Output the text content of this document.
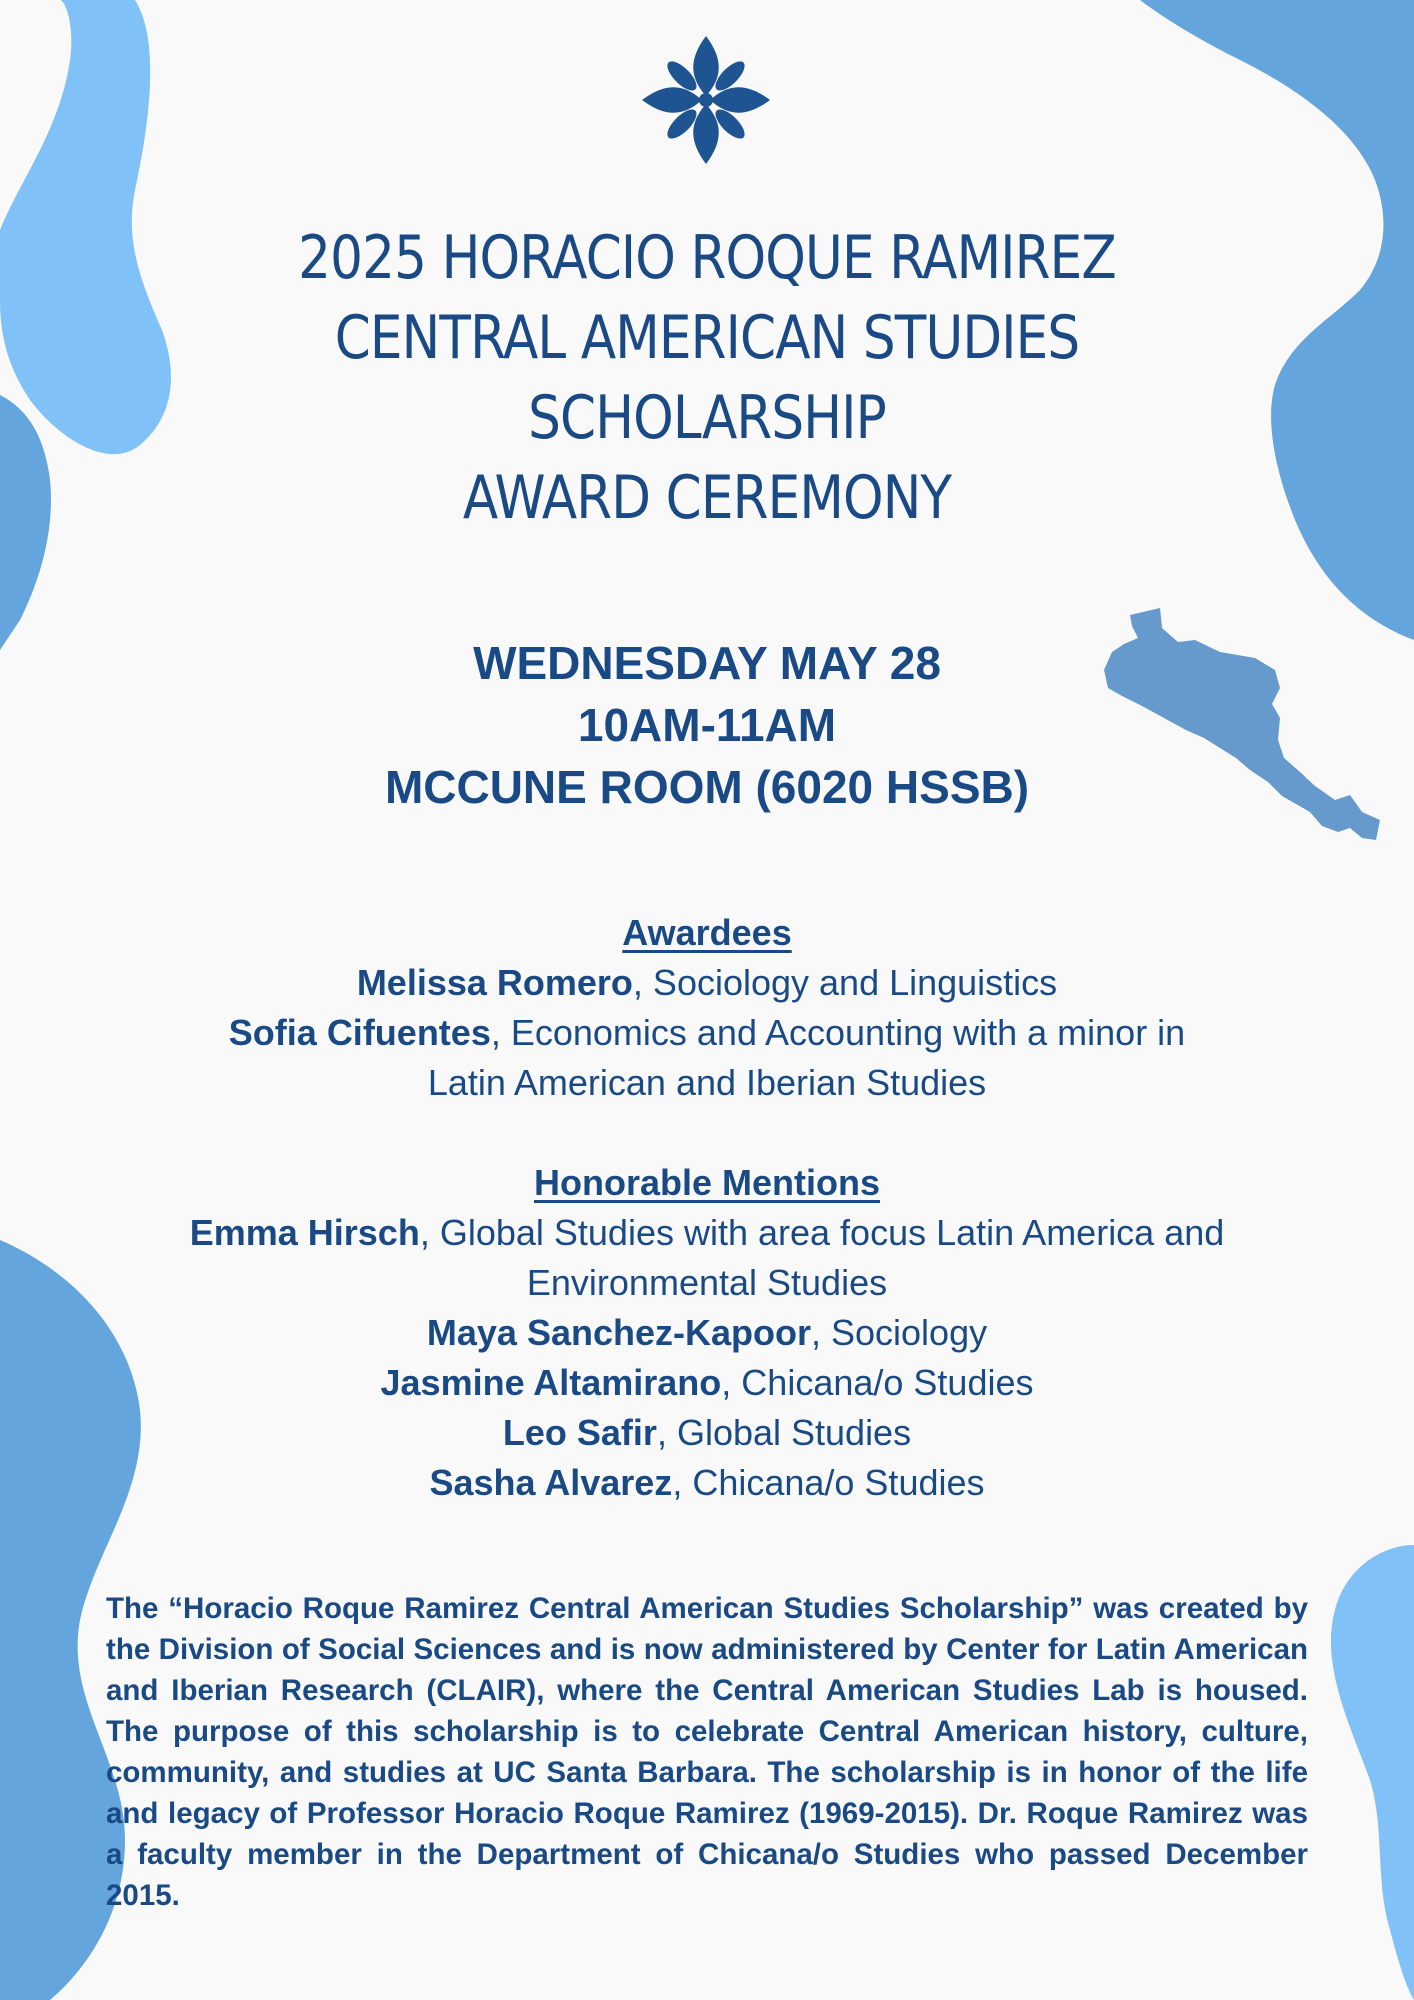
2025 HORACIO ROQUE RAMIREZ
CENTRAL AMERICAN STUDIES
SCHOLARSHIP
AWARD CEREMONY
WEDNESDAY MAY 28
10AM-11AM
MCCUNE ROOM (6020 HSSB)
Awardees
Melissa Romero, Sociology and Linguistics
Sofia Cifuentes, Economics and Accounting with a minor in Latin American and Iberian Studies
Honorable Mentions
Emma Hirsch, Global Studies with area focus Latin America and Environmental Studies
Maya Sanchez-Kapoor, Sociology
Jasmine Altamirano, Chicana/o Studies
Leo Safir, Global Studies
Sasha Alvarez, Chicana/o Studies

The “Horacio Roque Ramirez Central American Studies Scholarship” was created by the Division of Social Sciences and is now administered by Center for Latin American and Iberian Research (CLAIR), where the Central American Studies Lab is housed. The purpose of this scholarship is to celebrate Central American history, culture, community, and studies at UC Santa Barbara. The scholarship is in honor of the life and legacy of Professor Horacio Roque Ramirez (1969-2015). Dr. Roque Ramirez was a faculty member in the Department of Chicana/o Studies who passed December 2015.
